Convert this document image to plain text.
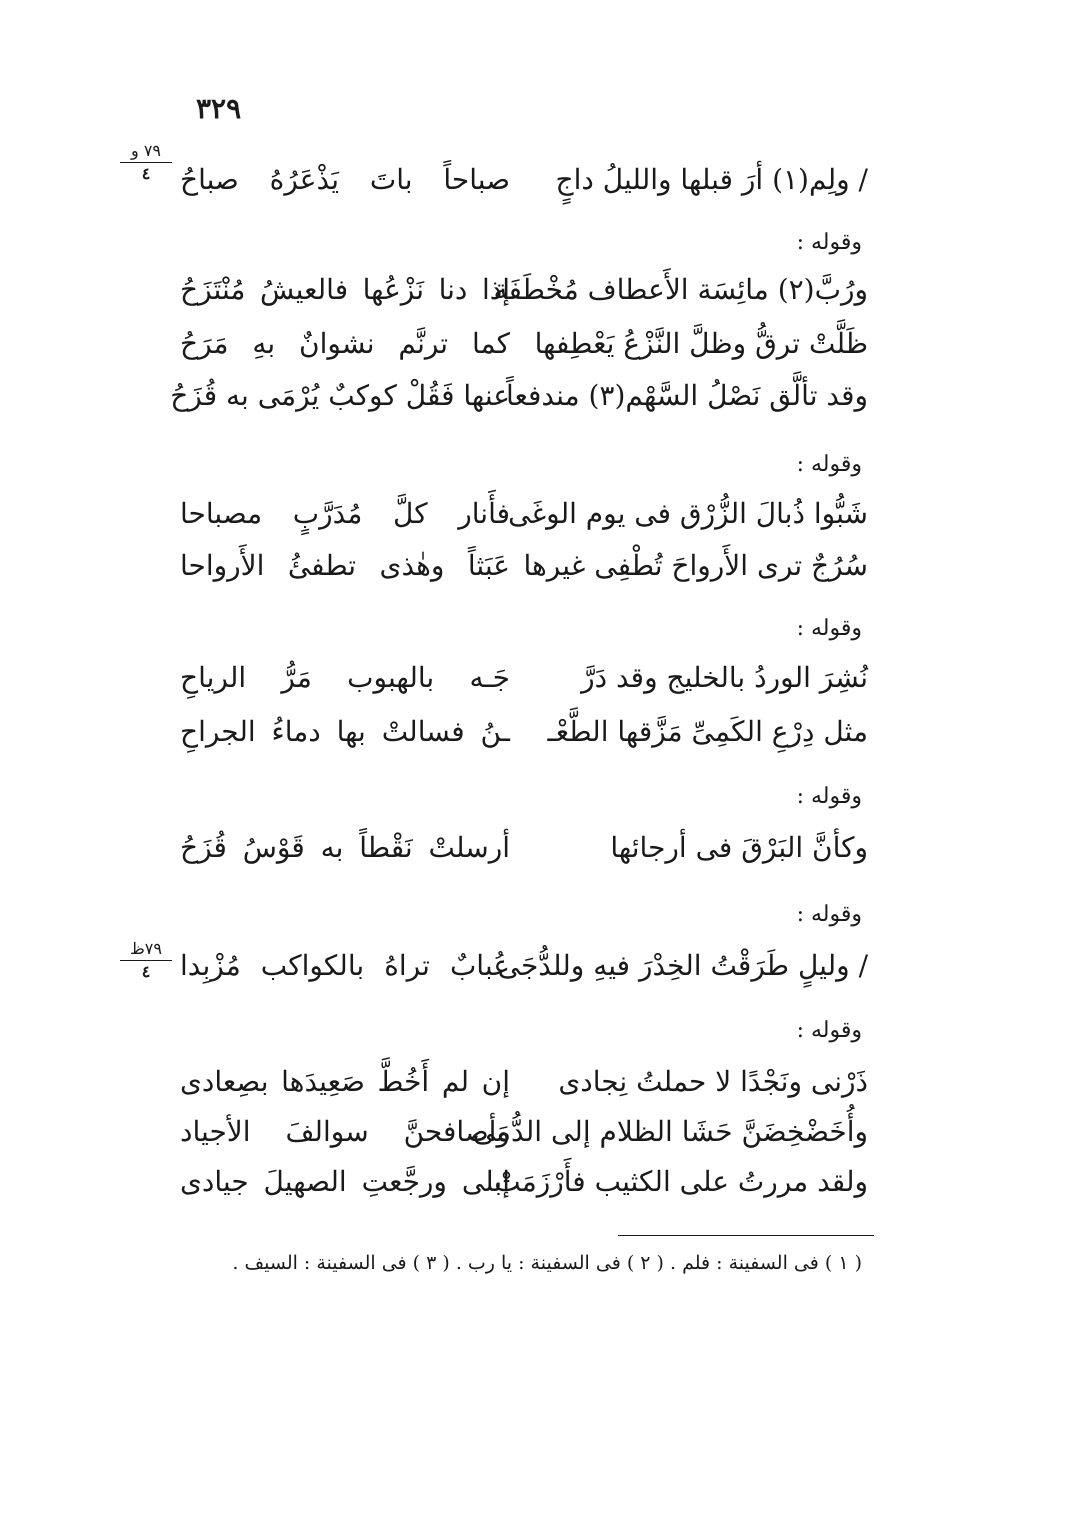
٣٢٩
٧٩ و
٤	/ ولِم(١) أرَ قبلها والليلُ داجٍ
صباحاً باتَ يَذْعَرُهُ صباحُ
وقوله :
ورُبَّ(٢) مائِسَة الأَعطاف مُخْطَفَة
إذا دنا نَزْعُها فالعيشُ مُنْتَزَحُ
ظَلَّتْ ترقُّ وظلَّ النَّزْعُ يَعْطِفها
كما ترنَّم نشوانٌ بهِ مَرَحُ
وقد تألَّق نَصْلُ السَّهْم(٣) مندفعاً
عنها فَقُلْ كوكبٌ يُرْمَى به قُزَحُ
وقوله :
شَبُّوا ذُبالَ الزُّرْق فى يوم الوغَى
فأَنار كلَّ مُدَرَّبٍ مصباحا
سُرُجٌ ترى الأَرواحَ تُطْفِى غيرها
عَبَثاً وهٰذى تطفئُ الأَرواحا
وقوله :
نُشِرَ الوردُ بالخليج وقد دَرَّ
جَـه بالهبوب مَرُّ الرياحِ
مثل دِرْعِ الكَمِىِّ مَزَّقها الطَّعْـ
ـنُ فسالتْ بها دماءُ الجراحِ
وقوله :
وكأنَّ البَرْقَ فى أرجائها
أرسلتْ نَقْطاً به قَوْسُ قُزَحُ
وقوله :
٧٩ظ
٤	/ وليلٍ طَرَقْتُ الخِدْرَ فيهِ وللدُّجَى
عُبابٌ تراهُ بالكواكب مُزْبِدا
وقوله :
ذَرْنى ونَجْدًا لا حملتُ نِجادى
إن لم أَخُطَّ صَعِيدَها بصِعادى
وأُخَضْخِضَنَّ حَشَا الظلام إلى الدُّمَى
وأصافحنَّ سوالفَ الأجياد
ولقد مررتُ على الكثيب فأَرْزَمَتْ
إبلى ورجَّعتِ الصهيلَ جيادى
( ١ ) فى السفينة : فلم . ( ٢ ) فى السفينة : يا رب . ( ٣ ) فى السفينة : السيف .
